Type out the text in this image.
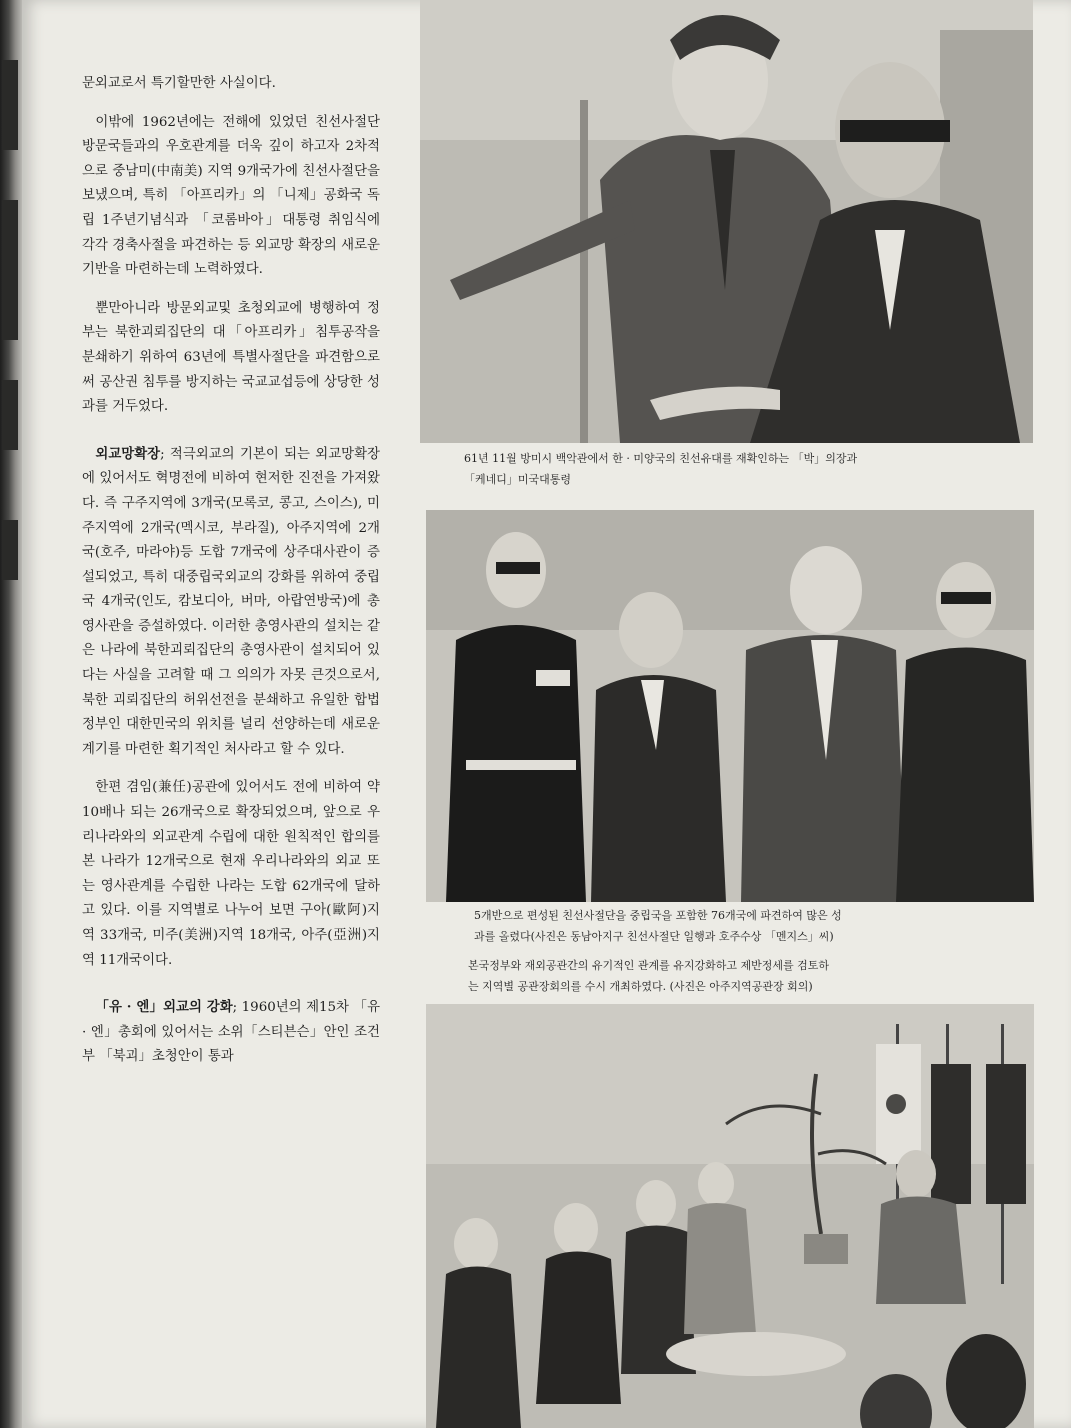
문외교로서 특기할만한 사실이다.

이밖에 1962년에는 전해에 있었던 친선사절단 방문국들과의 우호관계를 더욱 깊이 하고자 2차적으로 중남미(中南美) 지역 9개국가에 친선사절단을 보냈으며, 특히 「아프리카」의 「니제」공화국 독립 1주년기념식과 「코롬바아」대통령 취임식에 각각 경축사절을 파견하는 등 외교망 확장의 새로운 기반을 마련하는데 노력하였다.

뿐만아니라 방문외교및 초청외교에 병행하여 정부는 북한괴뢰집단의 대「아프리카」침투공작을 분쇄하기 위하여 63년에 특별사절단을 파견함으로써 공산권 침투를 방지하는 국교교섭등에 상당한 성과를 거두었다.

외교망확장; 적극외교의 기본이 되는 외교망확장에 있어서도 혁명전에 비하여 현저한 진전을 가져왔다. 즉 구주지역에 3개국(모록코, 콩고, 스이스), 미주지역에 2개국(멕시코, 부라질), 아주지역에 2개국(호주, 마라야)등 도합 7개국에 상주대사관이 증설되었고, 특히 대중립국외교의 강화를 위하여 중립국 4개국(인도, 캄보디아, 버마, 아랍연방국)에 총영사관을 증설하였다. 이러한 총영사관의 설치는 같은 나라에 북한괴뢰집단의 총영사관이 설치되어 있다는 사실을 고려할 때 그 의의가 자못 큰것으로서, 북한 괴뢰집단의 허위선전을 분쇄하고 유일한 합법정부인 대한민국의 위치를 널리 선양하는데 새로운 계기를 마련한 획기적인 처사라고 할 수 있다.

한편 겸임(兼任)공관에 있어서도 전에 비하여 약 10배나 되는 26개국으로 확장되었으며, 앞으로 우리나라와의 외교관계 수립에 대한 원칙적인 합의를 본 나라가 12개국으로 현재 우리나라와의 외교 또는 영사관계를 수립한 나라는 도합 62개국에 달하고 있다. 이를 지역별로 나누어 보면 구아(歐阿)지역 33개국, 미주(美洲)지역 18개국, 아주(亞洲)지역 11개국이다.

「유 · 엔」외교의 강화; 1960년의 제15차 「유 · 엔」총회에 있어서는 소위「스티븐슨」안인 조건부 「북괴」초청안이 통과

61년 11월 방미시 백악관에서 한 · 미양국의 친선유대를 재확인하는 「박」의장과
「케네디」미국대통령
5개반으로 편성된 친선사절단을 중립국을 포함한 76개국에 파견하여 많은 성
과를 올렸다(사진은 동남아지구 친선사절단 일행과 호주수상 「멘지스」씨)
본국정부와 재외공관간의 유기적인 관계를 유지강화하고 제반정세를 검토하
는 지역별 공관장회의를 수시 개최하였다. (사진은 아주지역공관장 회의)
